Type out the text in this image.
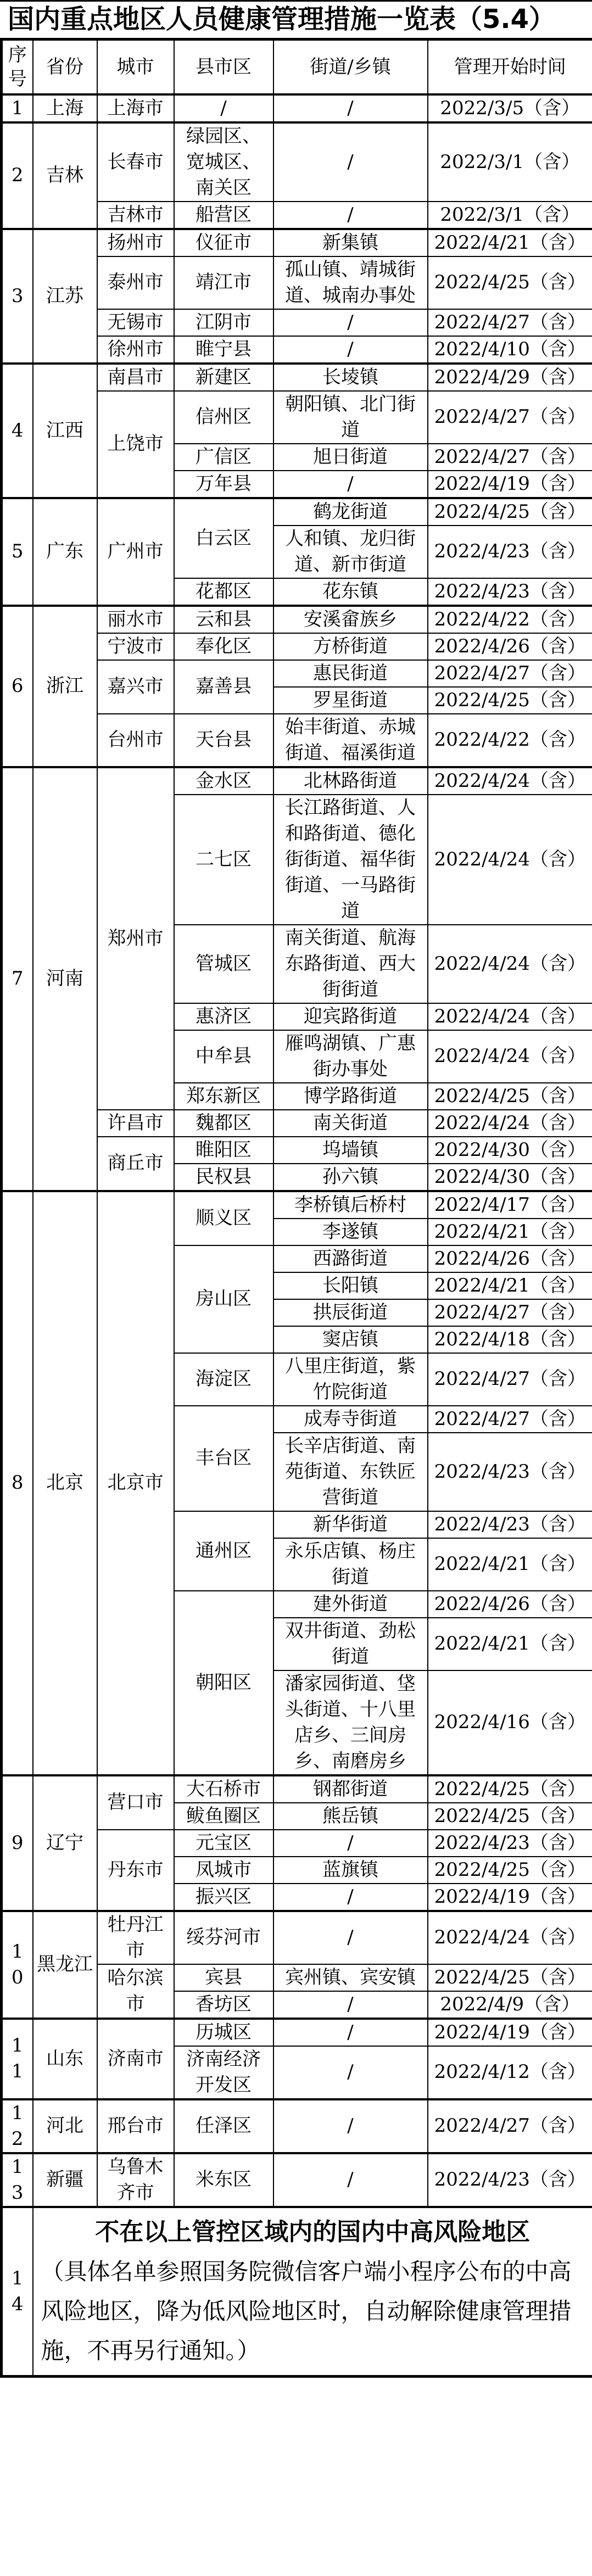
国内重点地区人员健康管理措施一览表（5.4）
序号	省份	城市	县市区	街道/乡镇	管理开始时间
1	上海	上海市	/	/	2022/3/5（含）
2	吉林	长春市	绿园区、宽城区、南关区	/	2022/3/1（含）
		吉林市	船营区	/	2022/3/1（含）
3	江苏	扬州市	仪征市	新集镇	2022/4/21（含）
		泰州市	靖江市	孤山镇、靖城街道、城南办事处	2022/4/25（含）
		无锡市	江阴市	/	2022/4/27（含）
		徐州市	睢宁县	/	2022/4/10（含）
4	江西	南昌市	新建区	长堎镇	2022/4/29（含）
		上饶市	信州区	朝阳镇、北门街道	2022/4/27（含）
			广信区	旭日街道	2022/4/27（含）
			万年县	/	2022/4/19（含）
5	广东	广州市	白云区	鹤龙街道	2022/4/25（含）
				人和镇、龙归街道、新市街道	2022/4/23（含）
			花都区	花东镇	2022/4/23（含）
6	浙江	丽水市	云和县	安溪畲族乡	2022/4/22（含）
		宁波市	奉化区	方桥街道	2022/4/26（含）
		嘉兴市	嘉善县	惠民街道	2022/4/27（含）
				罗星街道	2022/4/25（含）
		台州市	天台县	始丰街道、赤城街道、福溪街道	2022/4/22（含）
7	河南	郑州市	金水区	北林路街道	2022/4/24（含）
			二七区	长江路街道、人和路街道、德化街街道、福华街街道、一马路街道	2022/4/24（含）
			管城区	南关街道、航海东路街道、西大街街道	2022/4/24（含）
			惠济区	迎宾路街道	2022/4/24（含）
			中牟县	雁鸣湖镇、广惠街办事处	2022/4/24（含）
			郑东新区	博学路街道	2022/4/25（含）
		许昌市	魏都区	南关街道	2022/4/24（含）
		商丘市	睢阳区	坞墙镇	2022/4/30（含）
			民权县	孙六镇	2022/4/30（含）
8	北京	北京市	顺义区	李桥镇后桥村	2022/4/17（含）
				李遂镇	2022/4/21（含）
			房山区	西潞街道	2022/4/26（含）
				长阳镇	2022/4/21（含）
				拱辰街道	2022/4/27（含）
				窦店镇	2022/4/18（含）
			海淀区	八里庄街道，紫竹院街道	2022/4/27（含）
			丰台区	成寿寺街道	2022/4/27（含）
				长辛店街道、南苑街道、东铁匠营街道	2022/4/23（含）
			通州区	新华街道	2022/4/23（含）
				永乐店镇、杨庄街道	2022/4/21（含）
			朝阳区	建外街道	2022/4/26（含）
				双井街道、劲松街道	2022/4/21（含）
				潘家园街道、垡头街道、十八里店乡、三间房乡、南磨房乡	2022/4/16（含）
9	辽宁	营口市	大石桥市	钢都街道	2022/4/25（含）
			鲅鱼圈区	熊岳镇	2022/4/25（含）
		丹东市	元宝区	/	2022/4/23（含）
			凤城市	蓝旗镇	2022/4/25（含）
			振兴区	/	2022/4/19（含）
10	黑龙江	牡丹江市	绥芬河市	/	2022/4/24（含）
		哈尔滨市	宾县	宾州镇、宾安镇	2022/4/25（含）
			香坊区	/	2022/4/9（含）
11	山东	济南市	历城区	/	2022/4/19（含）
			济南经济开发区	/	2022/4/12（含）
12	河北	邢台市	任泽区	/	2022/4/27（含）
13	新疆	乌鲁木齐市	米东区	/	2022/4/23（含）
14	不在以上管控区域内的国内中高风险地区
（具体名单参照国务院微信客户端小程序公布的中高风险地区，降为低风险地区时，自动解除健康管理措施，不再另行通知。）				
